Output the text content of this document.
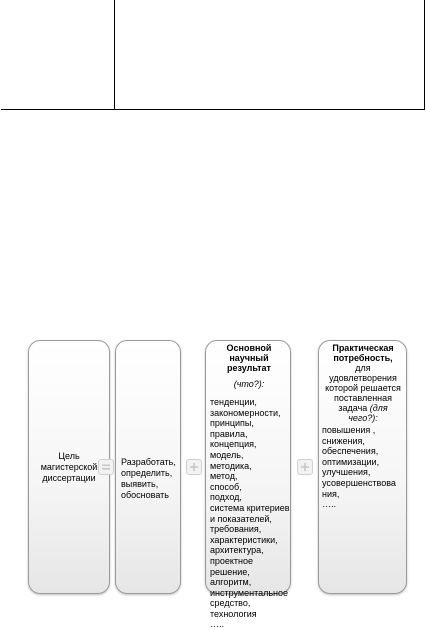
Цель
магистерской
диссертации
Разработать,
определить,
выявить,
обосновать
Основной
научный
результат
(что?):
тенденции,
закономерности,
принципы,
правила,
концепция,
модель,
методика,
метод,
способ,
подход,
система критериев
и показателей,
требования,
характеристики,
архитектура,
проектное
решение,
алгоритм,
инструментальное
средство,
технология
…..
Практическая
потребность,
для
удовлетворения
которой решается
поставленная
задача (для
чего?):
повышения ,
снижения,
обеспечения,
оптимизации,
улучшения,
усовершенствова
ния,
…..
